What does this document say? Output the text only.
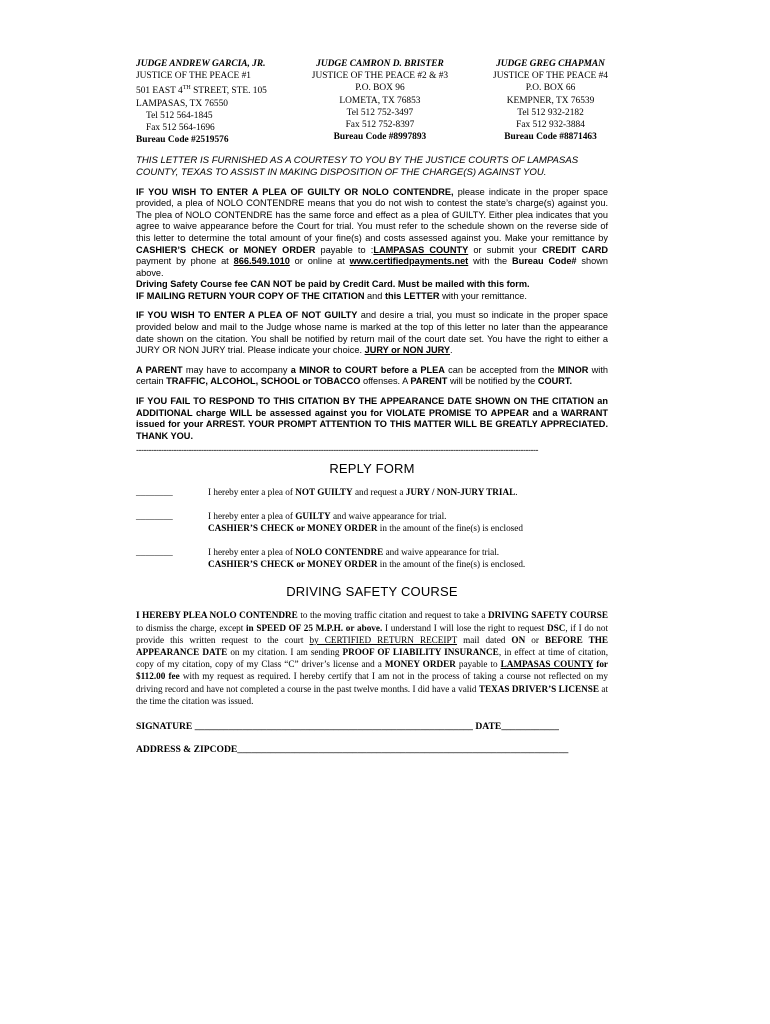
JUDGE ANDREW GARCIA, JR.
JUSTICE OF THE PEACE #1
501 EAST 4TH STREET, STE. 105
LAMPASAS, TX 76550
Tel 512 564-1845
Fax 512 564-1696
Bureau Code #2519576
JUDGE CAMRON D. BRISTER
JUSTICE OF THE PEACE #2 & #3
P.O. BOX 96
LOMETA, TX 76853
Tel 512 752-3497
Fax 512 752-8397
Bureau Code #8997893
JUDGE GREG CHAPMAN
JUSTICE OF THE PEACE #4
P.O. BOX 66
KEMPNER, TX 76539
Tel 512 932-2182
Fax 512 932-3884
Bureau Code #8871463
THIS LETTER IS FURNISHED AS A COURTESY TO YOU BY THE JUSTICE COURTS OF LAMPASAS COUNTY, TEXAS TO ASSIST IN MAKING DISPOSITION OF THE CHARGE(S) AGAINST YOU.

IF YOU WISH TO ENTER A PLEA OF GUILTY OR NOLO CONTENDRE, please indicate in the proper space provided, a plea of NOLO CONTENDRE means that you do not wish to contest the state’s charge(s) against you. The plea of NOLO CONTENDRE has the same force and effect as a plea of GUILTY. Either plea indicates that you agree to waive appearance before the Court for trial. You must refer to the schedule shown on the reverse side of this letter to determine the total amount of your fine(s) and costs assessed against you. Make your remittance by CASHIER’S CHECK or MONEY ORDER payable to :LAMPASAS COUNTY or submit your CREDIT CARD payment by phone at 866.549.1010 or online at www.certifiedpayments.net with the Bureau Code# shown above.
Driving Safety Course fee CAN NOT be paid by Credit Card. Must be mailed with this form.
IF MAILING RETURN YOUR COPY OF THE CITATION and this LETTER with your remittance.

IF YOU WISH TO ENTER A PLEA OF NOT GUILTY and desire a trial, you must so indicate in the proper space provided below and mail to the Judge whose name is marked at the top of this letter no later than the appearance date shown on the citation. You shall be notified by return mail of the court date set. You have the right to either a JURY OR NON JURY trial. Please indicate your choice. JURY or NON JURY.

A PARENT may have to accompany a MINOR to COURT before a PLEA can be accepted from the MINOR with certain TRAFFIC, ALCOHOL, SCHOOL or TOBACCO offenses. A PARENT will be notified by the COURT.

IF YOU FAIL TO RESPOND TO THIS CITATION BY THE APPEARANCE DATE SHOWN ON THE CITATION an ADDITIONAL charge WILL be assessed against you for VIOLATE PROMISE TO APPEAR and a WARRANT issued for your ARREST. YOUR PROMPT ATTENTION TO THIS MATTER WILL BE GREATLY APPRECIATED. THANK YOU.

-----------------------------------------------------------------------------------------------------------------------------------------------------------------
REPLY FORM
________	I hereby enter a plea of NOT GUILTY and request a JURY / NON-JURY TRIAL.
________	I hereby enter a plea of GUILTY and waive appearance for trial.
CASHIER’S CHECK or MONEY ORDER in the amount of the fine(s) is enclosed
________	I hereby enter a plea of NOLO CONTENDRE and waive appearance for trial.
CASHIER’S CHECK or MONEY ORDER in the amount of the fine(s) is enclosed.
DRIVING SAFETY COURSE
I HEREBY PLEA NOLO CONTENDRE to the moving traffic citation and request to take a DRIVING SAFETY COURSE to dismiss the charge, except in SPEED OF 25 M.P.H. or above. I understand I will lose the right to request DSC, if I do not provide this written request to the court by CERTIFIED RETURN RECEIPT mail dated ON or BEFORE THE APPEARANCE DATE on my citation. I am sending PROOF OF LIABILITY INSURANCE, in effect at time of citation, copy of my citation, copy of my Class “C” driver’s license and a MONEY ORDER payable to LAMPASAS COUNTY for $112.00 fee with my request as required. I hereby certify that I am not in the process of taking a course not reflected on my driving record and have not completed a course in the past twelve months. I did have a valid TEXAS DRIVER’S LICENSE at the time the citation was issued.
SIGNATURE __________________________________________________________ DATE____________
ADDRESS & ZIPCODE_____________________________________________________________________
